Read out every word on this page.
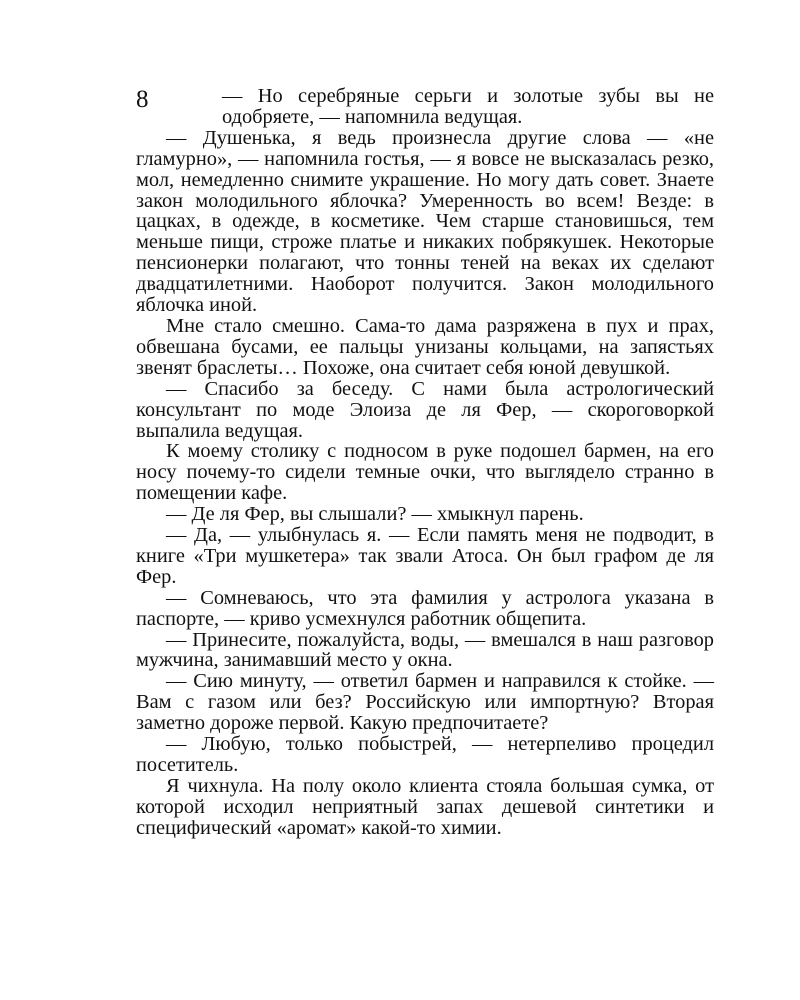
8	— Но серебряные серьги и золотые зубы вы не одобряете, — напомнила ведущая.

— Душенька, я ведь произнесла другие слова — «не гламурно», — напомнила гостья, — я вовсе не высказалась резко, мол, немедленно снимите украшение. Но могу дать совет. Знаете закон молодильного яблочка? Умеренность во всем! Везде: в цацках, в одежде, в косметике. Чем старше становишься, тем меньше пищи, строже платье и никаких побрякушек. Некоторые пенсионерки полагают, что тонны теней на веках их сделают двадцатилетними. Наоборот получится. Закон молодильного яблочка иной.

Мне стало смешно. Сама-то дама разряжена в пух и прах, обвешана бусами, ее пальцы унизаны кольцами, на запястьях звенят браслеты… Похоже, она считает себя юной девушкой.

— Спасибо за беседу. С нами была астрологический консультант по моде Элоиза де ля Фер, — скороговоркой выпалила ведущая.

К моему столику с подносом в руке подошел бармен, на его носу почему-то сидели темные очки, что выглядело странно в помещении кафе.

— Де ля Фер, вы слышали? — хмыкнул парень.

— Да, — улыбнулась я. — Если память меня не подводит, в книге «Три мушкетера» так звали Атоса. Он был графом де ля Фер.

— Сомневаюсь, что эта фамилия у астролога указана в паспорте, — криво усмехнулся работник общепита.

— Принесите, пожалуйста, воды, — вмешался в наш разговор мужчина, занимавший место у окна.

— Сию минуту, — ответил бармен и направился к стойке. — Вам с газом или без? Российскую или импортную? Вторая заметно дороже первой. Какую предпочитаете?

— Любую, только побыстрей, — нетерпеливо процедил посетитель.

Я чихнула. На полу около клиента стояла большая сумка, от которой исходил неприятный запах дешевой синтетики и специфический «аромат» какой-то химии.
